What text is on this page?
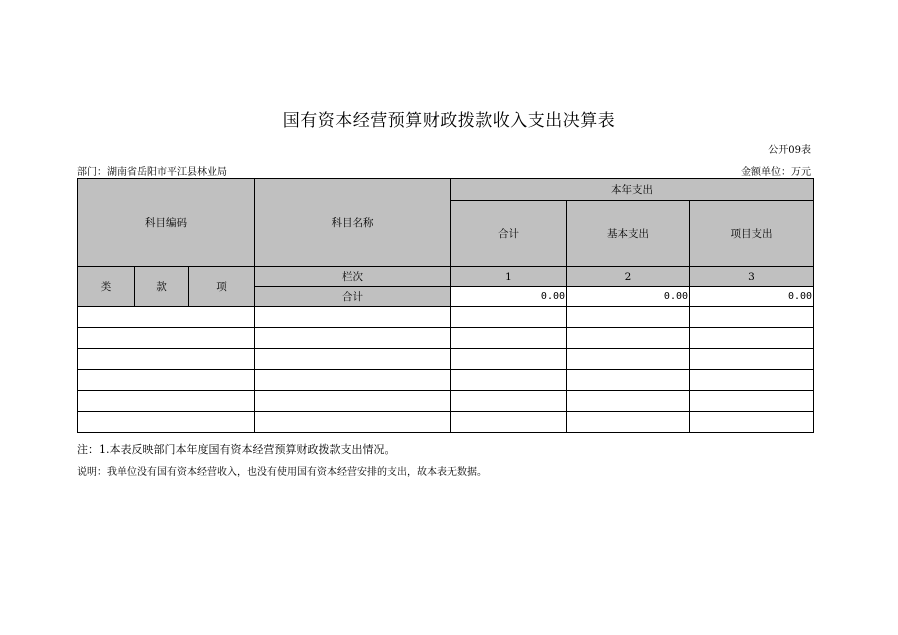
国有资本经营预算财政拨款收入支出决算表
公开09表
部门：湖南省岳阳市平江县林业局	金额单位：万元
科目编码			科目名称	本年支出		
				合计	基本支出	项目支出
类	款	项	栏次	1	2	3
			合计	0.00	0.00	0.00

注：1.本表反映部门本年度国有资本经营预算财政拨款支出情况。
说明：我单位没有国有资本经营收入，也没有使用国有资本经营安排的支出，故本表无数据。
